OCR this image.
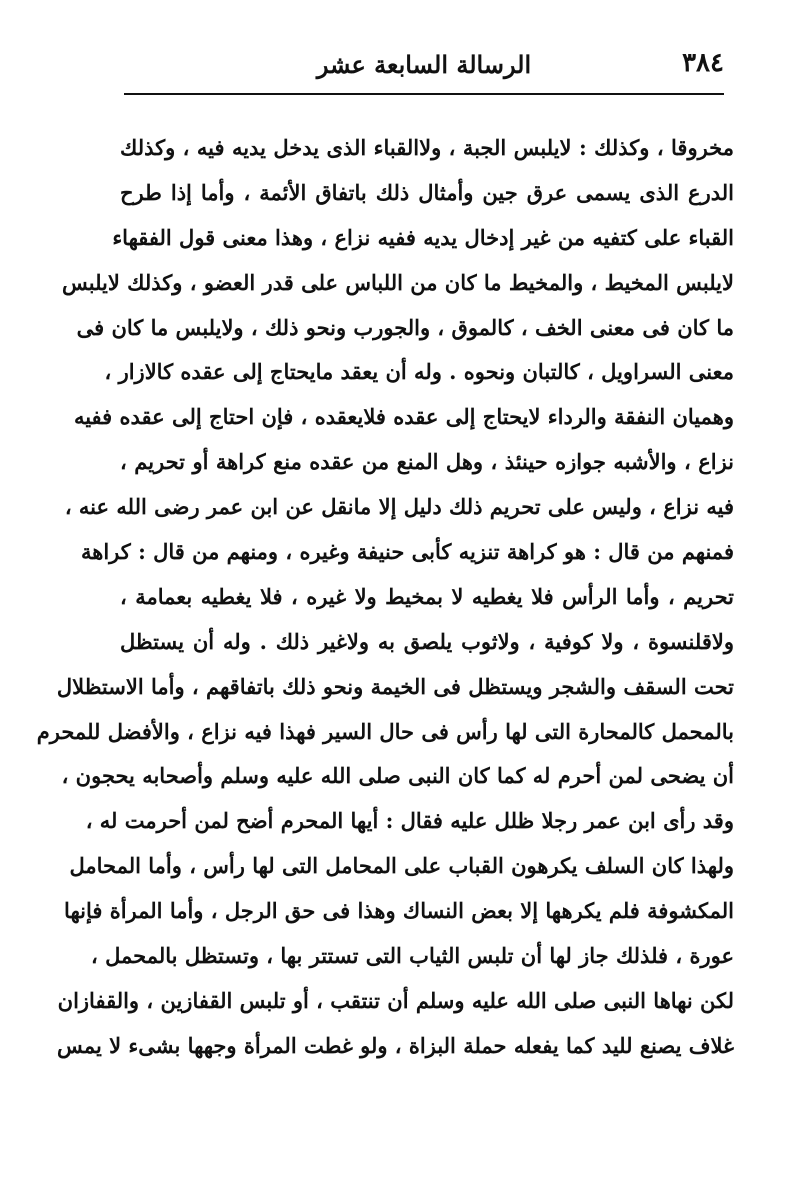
٣٨٤
الرسالة السابعة عشر
مخروقا ، وكذلك : لايلبس الجبة ، ولاالقباء الذى يدخل يديه فيه ، وكذلك
الدرع الذى يسمى عرق جين وأمثال ذلك باتفاق الأئمة ، وأما إذا طرح
القباء على كتفيه من غير إدخال يديه ففيه نزاع ، وهذا معنى قول الفقهاء
لايلبس المخيط ، والمخيط ما كان من اللباس على قدر العضو ، وكذلك لايلبس
ما كان فى معنى الخف ، كالموق ، والجورب ونحو ذلك ، ولايلبس ما كان فى
معنى السراويل ، كالتبان ونحوه . وله أن يعقد مايحتاج إلى عقده كالازار ،
وهميان النفقة والرداء لايحتاج إلى عقده فلايعقده ، فإن احتاج إلى عقده ففيه
نزاع ، والأشبه جوازه حينئذ ، وهل المنع من عقده منع كراهة أو تحريم ،
فيه نزاع ، وليس على تحريم ذلك دليل إلا مانقل عن ابن عمر رضى الله عنه ،
فمنهم من قال : هو كراهة تنزيه كأبى حنيفة وغيره ، ومنهم من قال : كراهة
تحريم ، وأما الرأس فلا يغطيه لا بمخيط ولا غيره ، فلا يغطيه بعمامة ،
ولاقلنسوة ، ولا كوفية ، ولاثوب يلصق به ولاغير ذلك . وله أن يستظل
تحت السقف والشجر ويستظل فى الخيمة ونحو ذلك باتفاقهم ، وأما الاستظلال
بالمحمل كالمحارة التى لها رأس فى حال السير فهذا فيه نزاع ، والأفضل للمحرم
أن يضحى لمن أحرم له كما كان النبى صلى الله عليه وسلم وأصحابه يحجون ،
وقد رأى ابن عمر رجلا ظلل عليه فقال : أيها المحرم أضح لمن أحرمت له ،
ولهذا كان السلف يكرهون القباب على المحامل التى لها رأس ، وأما المحامل
المكشوفة فلم يكرهها إلا بعض النساك وهذا فى حق الرجل ، وأما المرأة فإنها
عورة ، فلذلك جاز لها أن تلبس الثياب التى تستتر بها ، وتستظل بالمحمل ،
لكن نهاها النبى صلى الله عليه وسلم أن تنتقب ، أو تلبس القفازين ، والقفازان
غلاف يصنع لليد كما يفعله حملة البزاة ، ولو غطت المرأة وجهها بشىء لا يمس
